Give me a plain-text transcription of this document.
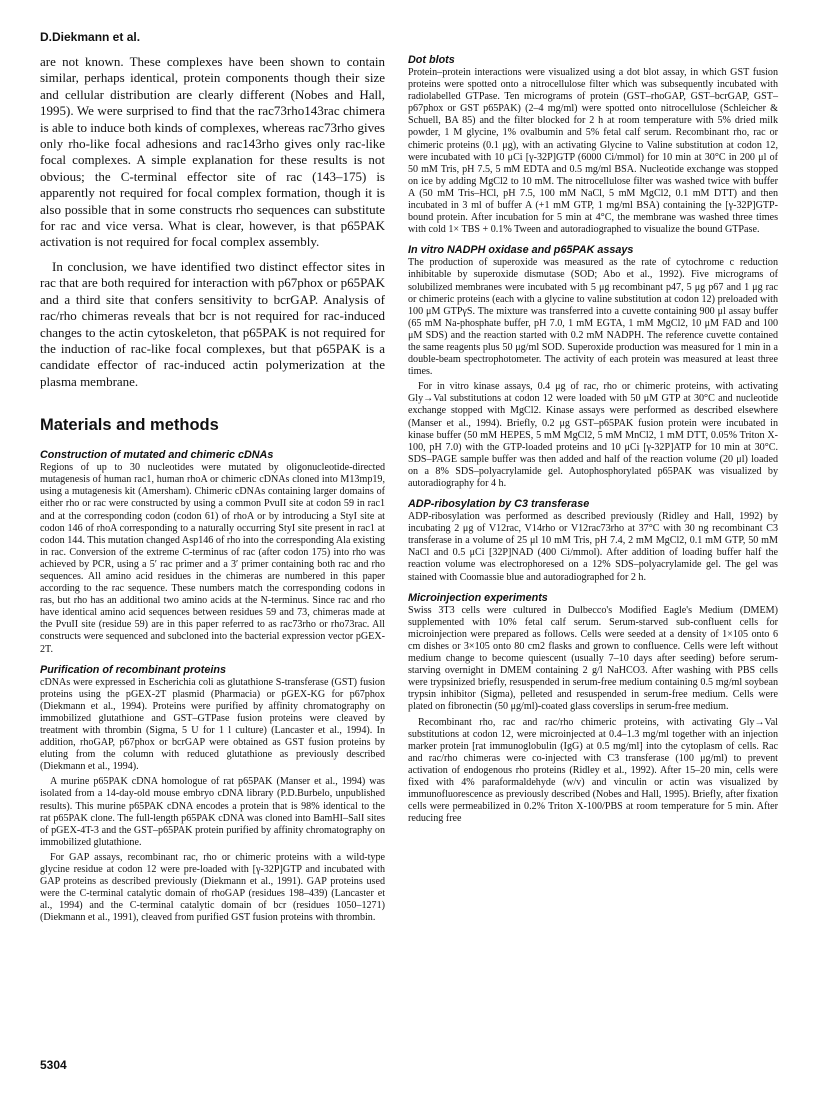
D.Diekmann et al.

are not known. These complexes have been shown to contain similar, perhaps identical, protein components though their size and cellular distribution are clearly different (Nobes and Hall, 1995). We were surprised to find that the rac73rho143rac chimera is able to induce both kinds of complexes, whereas rac73rho gives only rho-like focal adhesions and rac143rho gives only rac-like focal complexes. A simple explanation for these results is not obvious; the C-terminal effector site of rac (143–175) is apparently not required for focal complex formation, though it is also possible that in some constructs rho sequences can substitute for rac and vice versa. What is clear, however, is that p65PAK activation is not required for focal complex assembly.

In conclusion, we have identified two distinct effector sites in rac that are both required for interaction with p67phox or p65PAK and a third site that confers sensitivity to bcrGAP. Analysis of rac/rho chimeras reveals that bcr is not required for rac-induced changes to the actin cytoskeleton, that p65PAK is not required for the induction of rac-like focal complexes, but that p65PAK is a candidate effector of rac-induced actin polymerization at the plasma membrane.

Materials and methods
Construction of mutated and chimeric cDNAs

Regions of up to 30 nucleotides were mutated by oligonucleotide-directed mutagenesis of human rac1, human rhoA or chimeric cDNAs cloned into M13mp19, using a mutagenesis kit (Amersham). Chimeric cDNAs containing larger domains of either rho or rac were constructed by using a common PvuII site at codon 59 in rac1 and at the corresponding codon (codon 61) of rhoA or by introducing a StyI site at codon 146 of rhoA corresponding to a naturally occurring StyI site present in rac1 at codon 144. This mutation changed Asp146 of rho into the corresponding Ala existing in rac. Conversion of the extreme C-terminus of rac (after codon 175) into rho was achieved by PCR, using a 5′ rac primer and a 3′ primer containing both rac and rho sequences. All amino acid residues in the chimeras are numbered in this paper according to the rac sequence. These numbers match the corresponding codons in ras, but rho has an additional two amino acids at the N-terminus. Since rac and rho have identical amino acid sequences between residues 59 and 73, chimeras made at the PvuII site (residue 59) are in this paper referred to as rac73rho or rho73rac. All constructs were sequenced and subcloned into the bacterial expression vector pGEX-2T.

Purification of recombinant proteins

cDNAs were expressed in Escherichia coli as glutathione S-transferase (GST) fusion proteins using the pGEX-2T plasmid (Pharmacia) or pGEX-KG for p67phox (Diekmann et al., 1994). Proteins were purified by affinity chromatography on immobilized glutathione and GST–GTPase fusion proteins were cleaved by treatment with thrombin (Sigma, 5 U for 1 l culture) (Lancaster et al., 1994). In addition, rhoGAP, p67phox or bcrGAP were obtained as GST fusion proteins by eluting from the column with reduced glutathione as previously described (Diekmann et al., 1994).

A murine p65PAK cDNA homologue of rat p65PAK (Manser et al., 1994) was isolated from a 14-day-old mouse embryo cDNA library (P.D.Burbelo, unpublished results). This murine p65PAK cDNA encodes a protein that is 98% identical to the rat p65PAK clone. The full-length p65PAK cDNA was cloned into BamHI–SalI sites of pGEX-4T-3 and the GST–p65PAK protein purified by affinity chromatography on immobilized glutathione.

For GAP assays, recombinant rac, rho or chimeric proteins with a wild-type glycine residue at codon 12 were pre-loaded with [γ-32P]GTP and incubated with GAP proteins as described previously (Diekmann et al., 1991). GAP proteins used were the C-terminal catalytic domain of rhoGAP (residues 198–439) (Lancaster et al., 1994) and the C-terminal catalytic domain of bcr (residues 1050–1271) (Diekmann et al., 1991), cleaved from purified GST fusion proteins with thrombin.

Dot blots

Protein–protein interactions were visualized using a dot blot assay, in which GST fusion proteins were spotted onto a nitrocellulose filter which was subsequently incubated with radiolabelled GTPase. Ten micrograms of protein (GST–rhoGAP, GST–bcrGAP, GST–p67phox or GST p65PAK) (2–4 mg/ml) were spotted onto nitrocellulose (Schleicher & Schuell, BA 85) and the filter blocked for 2 h at room temperature with 5% dried milk powder, 1 M glycine, 1% ovalbumin and 5% fetal calf serum. Recombinant rho, rac or chimeric proteins (0.1 μg), with an activating Glycine to Valine substitution at codon 12, were incubated with 10 μCi [γ-32P]GTP (6000 Ci/mmol) for 10 min at 30°C in 200 μl of 50 mM Tris, pH 7.5, 5 mM EDTA and 0.5 mg/ml BSA. Nucleotide exchange was stopped on ice by adding MgCl2 to 10 mM. The nitrocellulose filter was washed twice with buffer A (50 mM Tris–HCl, pH 7.5, 100 mM NaCl, 5 mM MgCl2, 0.1 mM DTT) and then incubated in 3 ml of buffer A (+1 mM GTP, 1 mg/ml BSA) containing the [γ-32P]GTP-bound protein. After incubation for 5 min at 4°C, the membrane was washed three times with cold 1× TBS + 0.1% Tween and autoradiographed to visualize the bound GTPase.

In vitro NADPH oxidase and p65PAK assays

The production of superoxide was measured as the rate of cytochrome c reduction inhibitable by superoxide dismutase (SOD; Abo et al., 1992). Five micrograms of solubilized membranes were incubated with 5 μg recombinant p47, 5 μg p67 and 1 μg rac or chimeric proteins (each with a glycine to valine substitution at codon 12) preloaded with 100 μM GTPγS. The mixture was transferred into a cuvette containing 900 μl assay buffer (65 mM Na-phosphate buffer, pH 7.0, 1 mM EGTA, 1 mM MgCl2, 10 μM FAD and 100 μM SDS) and the reaction started with 0.2 mM NADPH. The reference cuvette contained the same reagents plus 50 μg/ml SOD. Superoxide production was measured for 1 min in a double-beam spectrophotometer. The activity of each protein was measured at least three times.

For in vitro kinase assays, 0.4 μg of rac, rho or chimeric proteins, with activating Gly→Val substitutions at codon 12 were loaded with 50 μM GTP at 30°C and nucleotide exchange stopped with MgCl2. Kinase assays were performed as described elsewhere (Manser et al., 1994). Briefly, 0.2 μg GST–p65PAK fusion protein were incubated in kinase buffer (50 mM HEPES, 5 mM MgCl2, 5 mM MnCl2, 1 mM DTT, 0.05% Triton X-100, pH 7.0) with the GTP-loaded proteins and 10 μCi [γ-32P]ATP for 10 min at 30°C. SDS–PAGE sample buffer was then added and half of the reaction volume (20 μl) loaded on a 8% SDS–polyacrylamide gel. Autophosphorylated p65PAK was visualized by autoradiography for 4 h.

ADP-ribosylation by C3 transferase

ADP-ribosylation was performed as described previously (Ridley and Hall, 1992) by incubating 2 μg of V12rac, V14rho or V12rac73rho at 37°C with 30 ng recombinant C3 transferase in a volume of 25 μl 10 mM Tris, pH 7.4, 2 mM MgCl2, 0.1 mM GTP, 50 mM NaCl and 0.5 μCi [32P]NAD (400 Ci/mmol). After addition of loading buffer half the reaction volume was electrophoresed on a 12% SDS–polyacrylamide gel. The gel was stained with Coomassie blue and autoradiographed for 2 h.

Microinjection experiments

Swiss 3T3 cells were cultured in Dulbecco's Modified Eagle's Medium (DMEM) supplemented with 10% fetal calf serum. Serum-starved sub-confluent cells for microinjection were prepared as follows. Cells were seeded at a density of 1×105 onto 6 cm dishes or 3×105 onto 80 cm2 flasks and grown to confluence. Cells were left without medium change to become quiescent (usually 7–10 days after seeding) before serum-starving overnight in DMEM containing 2 g/l NaHCO3. After washing with PBS cells were trypsinized briefly, resuspended in serum-free medium containing 0.5 mg/ml soybean trypsin inhibitor (Sigma), pelleted and resuspended in serum-free medium. Cells were plated on fibronectin (50 μg/ml)-coated glass coverslips in serum-free medium.

Recombinant rho, rac and rac/rho chimeric proteins, with activating Gly→Val substitutions at codon 12, were microinjected at 0.4–1.3 mg/ml together with an injection marker protein [rat immunoglobulin (IgG) at 0.5 mg/ml] into the cytoplasm of cells. Rac and rac/rho chimeras were co-injected with C3 transferase (100 μg/ml) to prevent activation of endogenous rho proteins (Ridley et al., 1992). After 15–20 min, cells were fixed with 4% paraformaldehyde (w/v) and vinculin or actin was visualized by immunofluorescence as previously described (Nobes and Hall, 1995). Briefly, after fixation cells were permeabilized in 0.2% Triton X-100/PBS at room temperature for 5 min. After reducing free

5304
